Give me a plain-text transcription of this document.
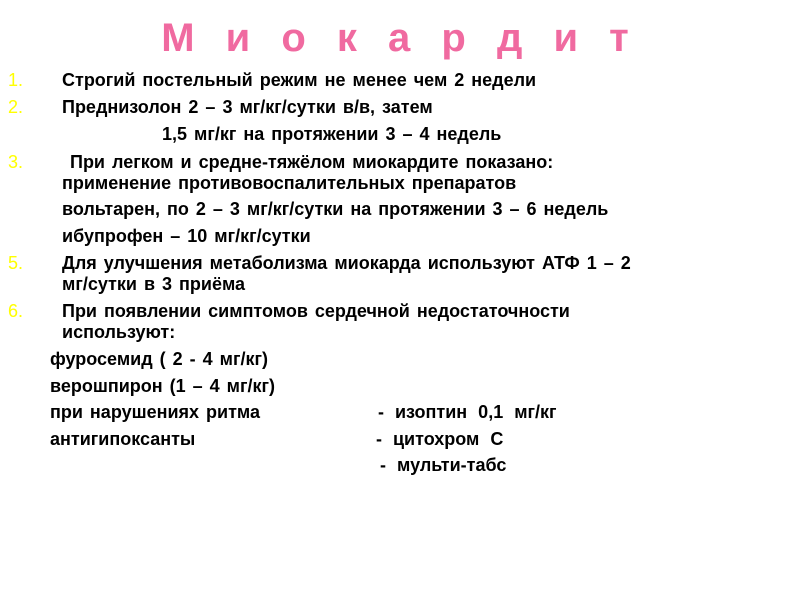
М и о к а р д и т
1. Строгий постельный режим не менее чем 2 недели
2. Преднизолон 2 – 3 мг/кг/сутки в/в, затем
1,5 мг/кг на протяжении 3 – 4 недель
3.	При легком и средне-тяжёлом миокардите показано:
применение противовоспалительных препаратов
вольтарен, по 2 – 3 мг/кг/сутки на протяжении 3 – 6 недель
ибупрофен – 10 мг/кг/сутки
5. Для улучшения метаболизма миокарда используют АТФ 1 – 2
мг/сутки в 3 приёма
6. При появлении симптомов сердечной недостаточности
используют:
фуросемид ( 2 - 4 мг/кг)
верошпирон (1 – 4 мг/кг)
при нарушениях ритма	- изоптин 0,1 мг/кг
антигипоксанты	- цитохром С
- мульти-табс
